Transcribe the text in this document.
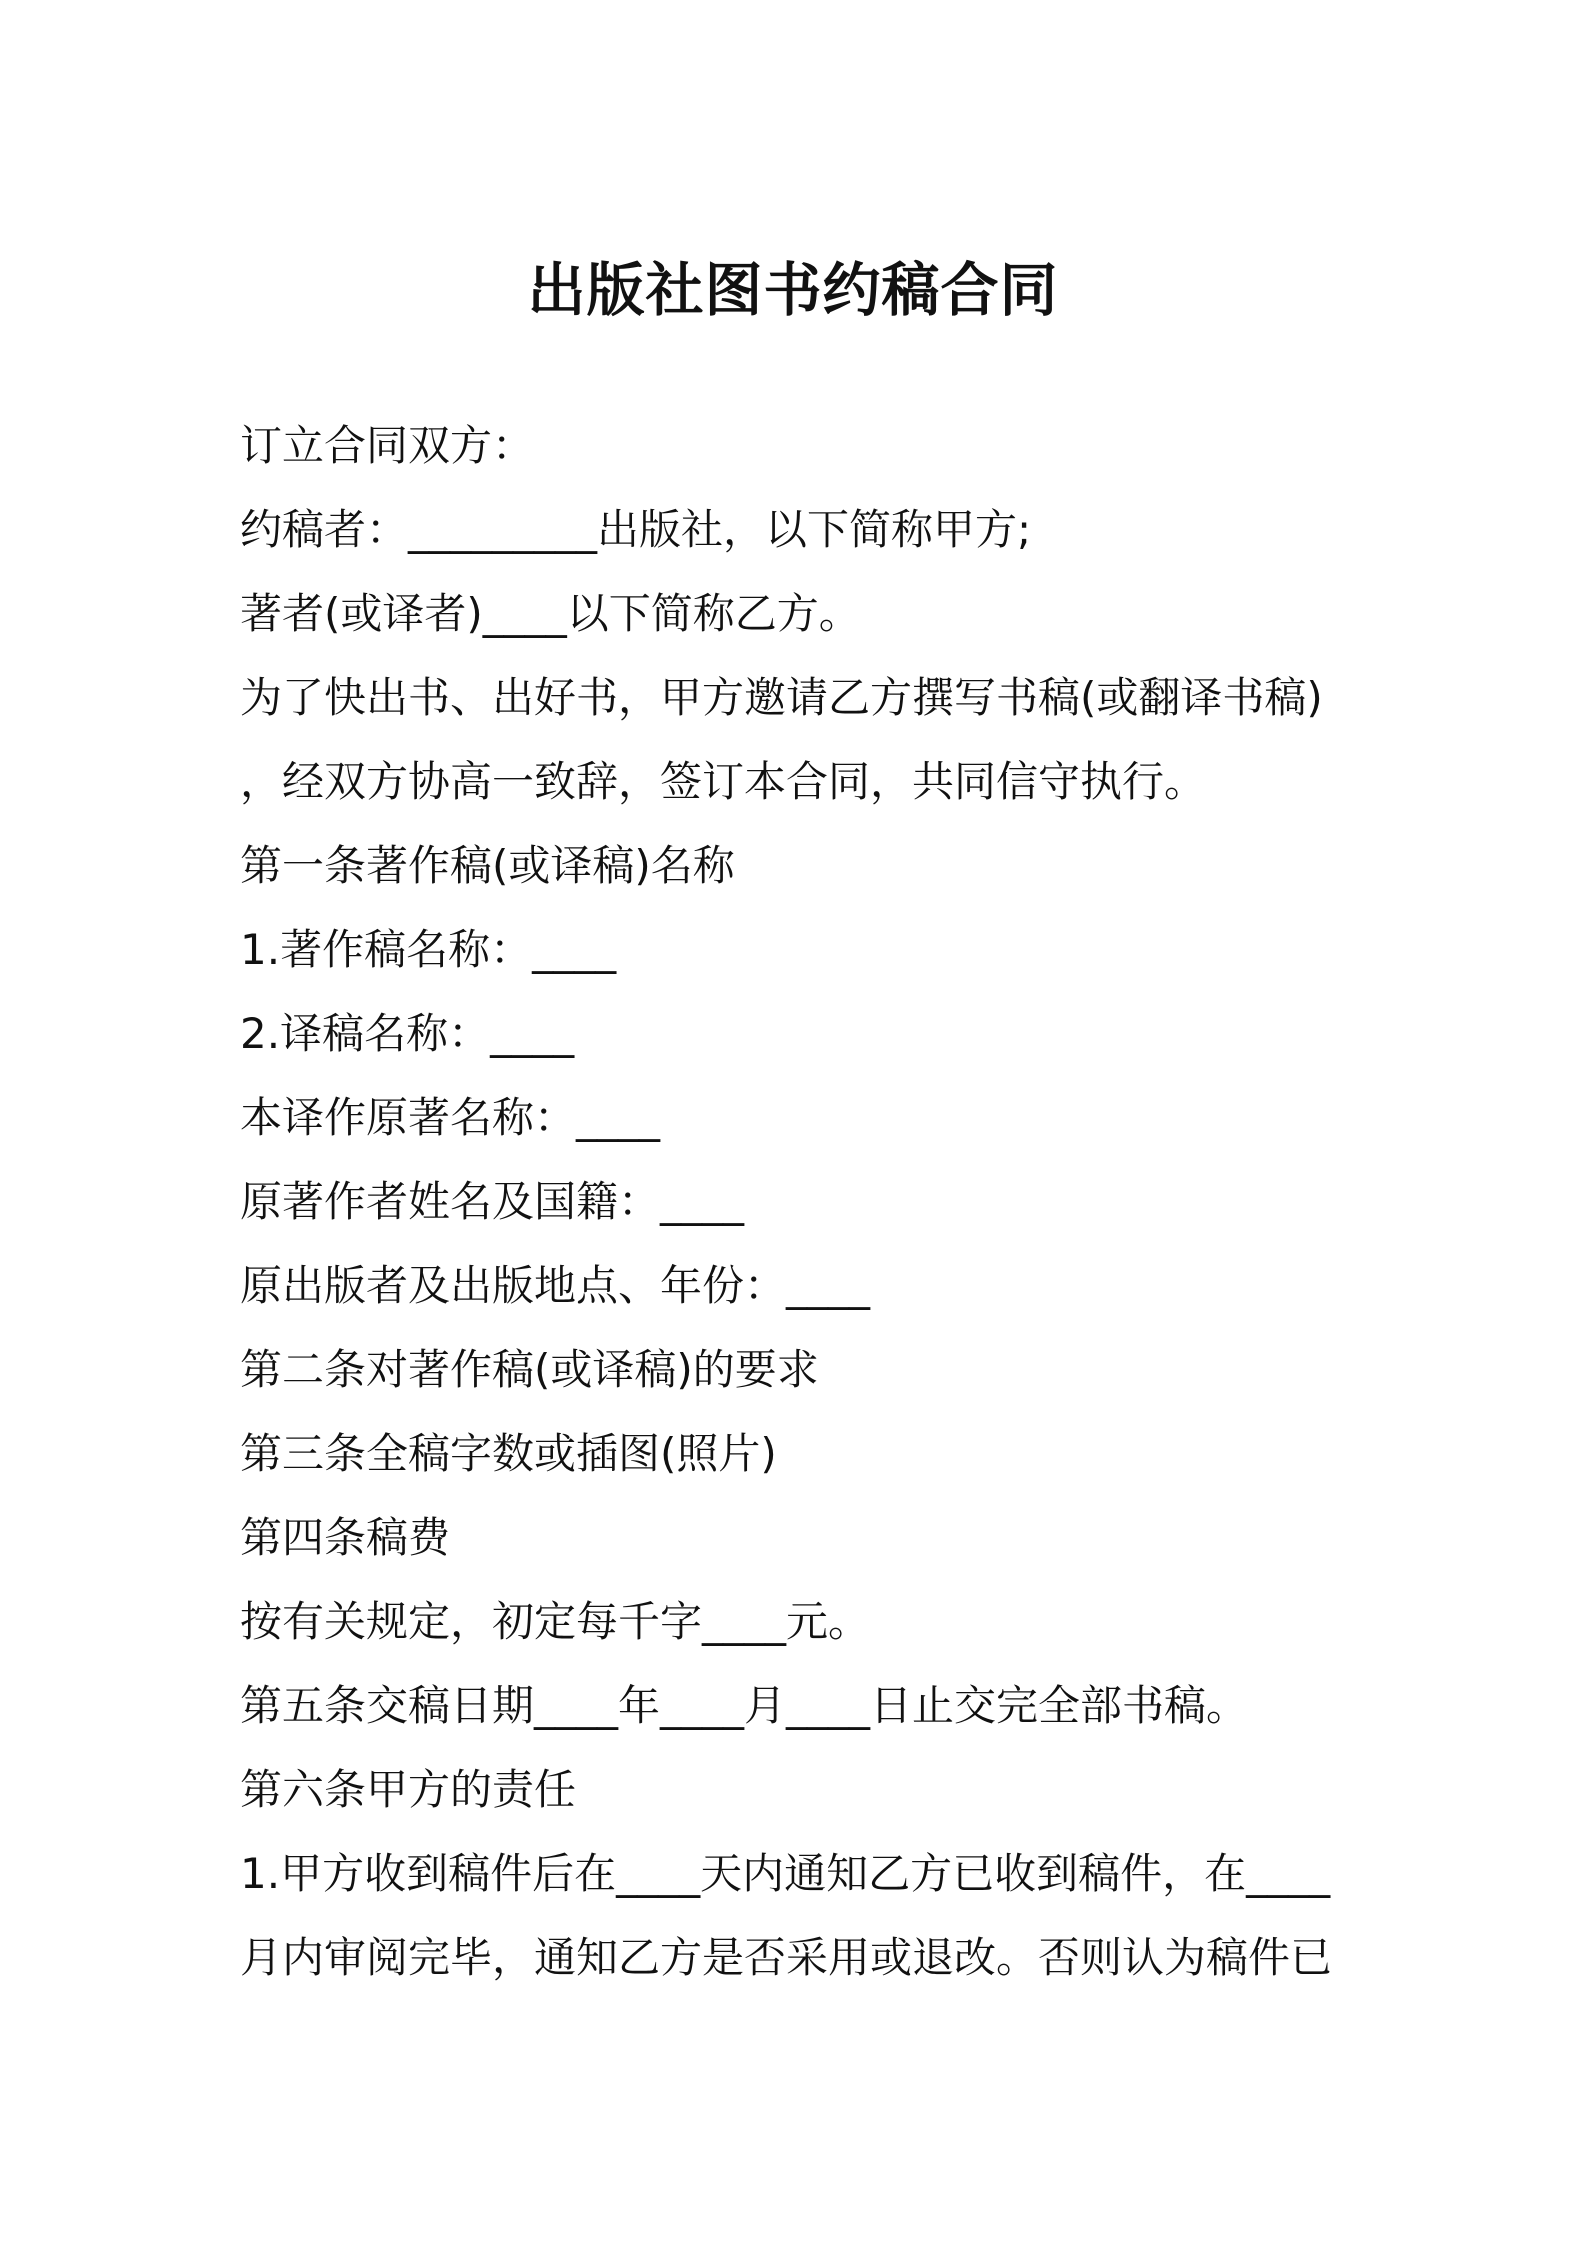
出版社图书约稿合同

订立合同双方：

约稿者：_________出版社，以下简称甲方;

著者(或译者)____以下简称乙方。

为了快出书、出好书，甲方邀请乙方撰写书稿(或翻译书稿)

，经双方协高一致辞，签订本合同，共同信守执行。

第一条著作稿(或译稿)名称

1.著作稿名称：____

2.译稿名称：____

本译作原著名称：____

原著作者姓名及国籍：____

原出版者及出版地点、年份：____

第二条对著作稿(或译稿)的要求

第三条全稿字数或插图(照片)

第四条稿费

按有关规定，初定每千字____元。

第五条交稿日期____年____月____日止交完全部书稿。

第六条甲方的责任

1.甲方收到稿件后在____天内通知乙方已收到稿件，在____

月内审阅完毕，通知乙方是否采用或退改。否则认为稿件已
